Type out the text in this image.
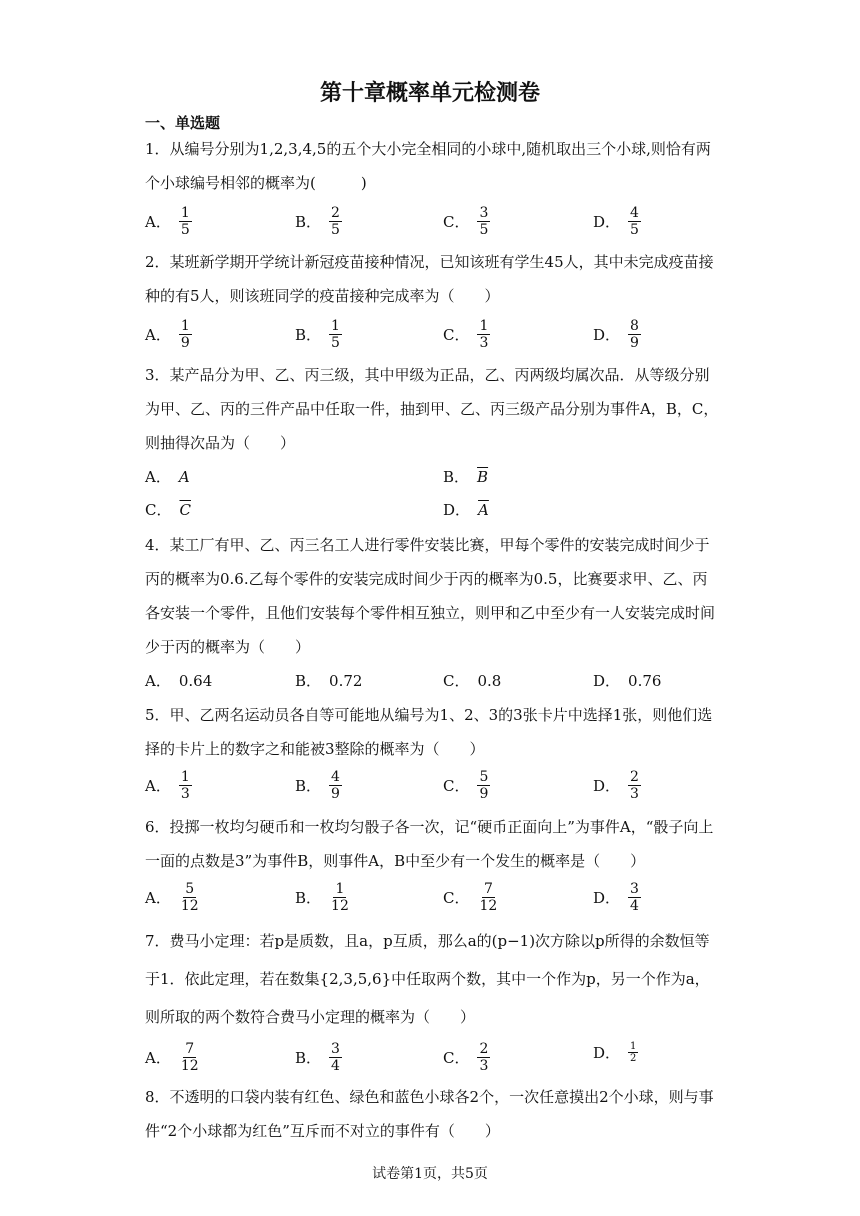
第十章概率单元检测卷
一、单选题
1．从编号分别为1,2,3,4,5的五个大小完全相同的小球中,随机取出三个小球,则恰有两个小球编号相邻的概率为(　　　)
A． $\frac{1}{5}$	B． $\frac{2}{5}$	C． $\frac{3}{5}$	D． $\frac{4}{5}$
2．某班新学期开学统计新冠疫苗接种情况，已知该班有学生45人，其中未完成疫苗接种的有5人，则该班同学的疫苗接种完成率为（　　）
A． $\frac{1}{9}$	B． $\frac{1}{5}$	C． $\frac{1}{3}$	D． $\frac{8}{9}$
3．某产品分为甲、乙、丙三级，其中甲级为正品，乙、丙两级均属次品．从等级分别为甲、乙、丙的三件产品中任取一件，抽到甲、乙、丙三级产品分别为事件A，B，C，则抽得次品为（　　）
A． A	B． $\overline{B}$
C． $\overline{C}$	D． $\overline{A}$
4．某工厂有甲、乙、丙三名工人进行零件安装比赛，甲每个零件的安装完成时间少于丙的概率为0.6.乙每个零件的安装完成时间少于丙的概率为0.5，比赛要求甲、乙、丙各安装一个零件，且他们安装每个零件相互独立，则甲和乙中至少有一人安装完成时间少于丙的概率为（　　）
A． 0.64	B． 0.72	C． 0.8	D． 0.76
5．甲、乙两名运动员各自等可能地从编号为1、2、3的3张卡片中选择1张，则他们选择的卡片上的数字之和能被3整除的概率为（　　）
A． $\frac{1}{3}$	B． $\frac{4}{9}$	C． $\frac{5}{9}$	D． $\frac{2}{3}$
6．投掷一枚均匀硬币和一枚均匀骰子各一次，记“硬币正面向上”为事件A，“骰子向上一面的点数是3”为事件B，则事件A，B中至少有一个发生的概率是（　　）
A． $\frac{5}{12}$	B． $\frac{1}{12}$	C． $\frac{7}{12}$	D． $\frac{3}{4}$
7．费马小定理：若p是质数，且a，p互质，那么a的(p−1)次方除以p所得的余数恒等于1．依此定理，若在数集{2,3,5,6}中任取两个数，其中一个作为p，另一个作为a，则所取的两个数符合费马小定理的概率为（　　）
A． $\frac{7}{12}$	B． $\frac{3}{4}$	C． $\frac{2}{3}$	D． $\frac{1}{2}$
8．不透明的口袋内装有红色、绿色和蓝色小球各2个，一次任意摸出2个小球，则与事件“2个小球都为红色”互斥而不对立的事件有（　　）
试卷第1页，共5页
